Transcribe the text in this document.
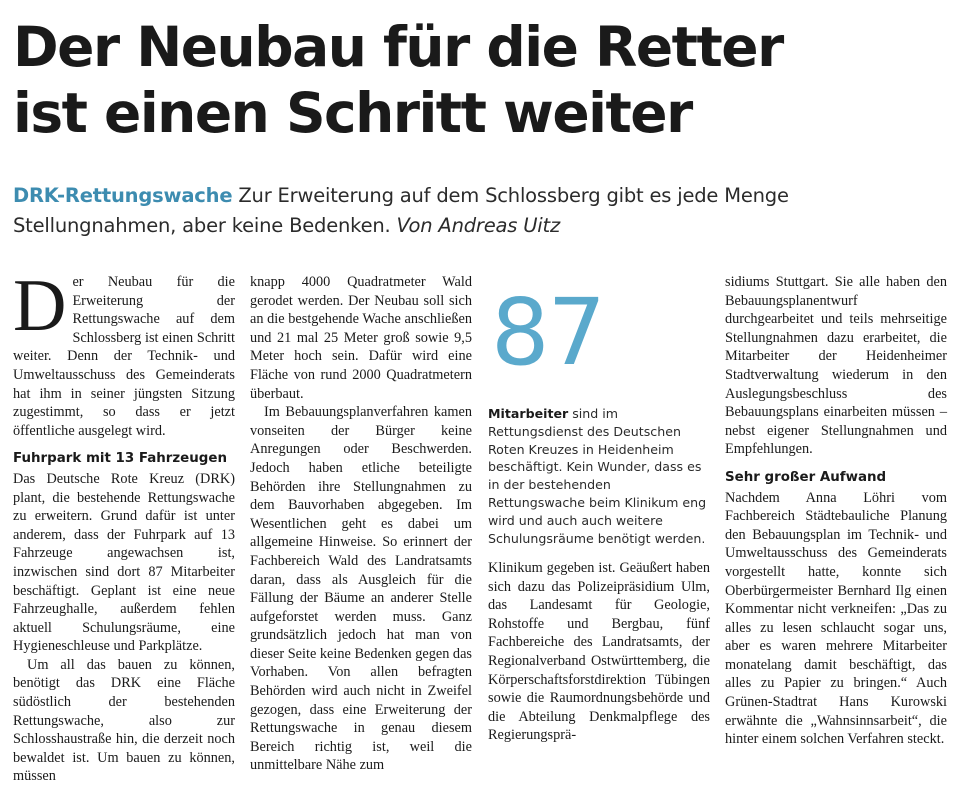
Der Neubau für die Retter
ist einen Schritt weiter
DRK-Rettungswache Zur Erweiterung auf dem Schlossberg gibt es jede Menge Stellungnahmen, aber keine Bedenken. Von Andreas Uitz
D er Neubau für die Erweiterung der Rettungswache auf dem Schlossberg ist einen Schritt weiter. Denn der Technik- und Umweltausschuss des Gemeinderats hat ihm in seiner jüngsten Sitzung zugestimmt, so dass er jetzt öffentliche ausgelegt wird.

Fuhrpark mit 13 Fahrzeugen

Das Deutsche Rote Kreuz (DRK) plant, die bestehende Rettungswache zu erweitern. Grund dafür ist unter anderem, dass der Fuhrpark auf 13 Fahrzeuge angewachsen ist, inzwischen sind dort 87 Mitarbeiter beschäftigt. Geplant ist eine neue Fahrzeughalle, außerdem fehlen aktuell Schulungsräume, eine Hygieneschleuse und Parkplätze.

Um all das bauen zu können, benötigt das DRK eine Fläche südöstlich der bestehenden Rettungswache, also zur Schlosshaustraße hin, die derzeit noch bewaldet ist. Um bauen zu können, müssen

knapp 4000 Quadratmeter Wald gerodet werden. Der Neubau soll sich an die bestgehende Wache anschließen und 21 mal 25 Meter groß sowie 9,5 Meter hoch sein. Dafür wird eine Fläche von rund 2000 Quadratmetern überbaut.

Im Bebauungsplanverfahren kamen vonseiten der Bürger keine Anregungen oder Beschwerden. Jedoch haben etliche beteiligte Behörden ihre Stellungnahmen zu dem Bauvorhaben abgegeben. Im Wesentlichen geht es dabei um allgemeine Hinweise. So erinnert der Fachbereich Wald des Landratsamts daran, dass als Ausgleich für die Fällung der Bäume an anderer Stelle aufgeforstet werden muss. Ganz grundsätzlich jedoch hat man von dieser Seite keine Bedenken gegen das Vorhaben. Von allen befragten Behörden wird auch nicht in Zweifel gezogen, dass eine Erweiterung der Rettungswache in genau diesem Bereich richtig ist, weil die unmittelbare Nähe zum

87
Mitarbeiter sind im Rettungsdienst des Deutschen Roten Kreuzes in Heidenheim beschäftigt. Kein Wunder, dass es in der bestehenden Rettungswache beim Klinikum eng wird und auch auch weitere Schulungsräume benötigt werden.

Klinikum gegeben ist. Geäußert haben sich dazu das Polizeipräsidium Ulm, das Landesamt für Geologie, Rohstoffe und Bergbau, fünf Fachbereiche des Landratsamts, der Regionalverband Ostwürttemberg, die Körperschaftsforstdirektion Tübingen sowie die Raumordnungsbehörde und die Abteilung Denkmalpflege des Regierungsprä-

sidiums Stuttgart. Sie alle haben den Bebauungsplanentwurf durchgearbeitet und teils mehrseitige Stellungnahmen dazu erarbeitet, die Mitarbeiter der Heidenheimer Stadtverwaltung wiederum in den Auslegungsbeschluss des Bebauungsplans einarbeiten müssen – nebst eigener Stellungnahmen und Empfehlungen.

Sehr großer Aufwand

Nachdem Anna Löhri vom Fachbereich Städtebauliche Planung den Bebauungsplan im Technik- und Umweltausschuss des Gemeinderats vorgestellt hatte, konnte sich Oberbürgermeister Bernhard Ilg einen Kommentar nicht verkneifen: „Das zu alles zu lesen schlaucht sogar uns, aber es waren mehrere Mitarbeiter monatelang damit beschäftigt, das alles zu Papier zu bringen.“ Auch Grünen-Stadtrat Hans Kurowski erwähnte die „Wahnsinnsarbeit“, die hinter einem solchen Verfahren steckt.
